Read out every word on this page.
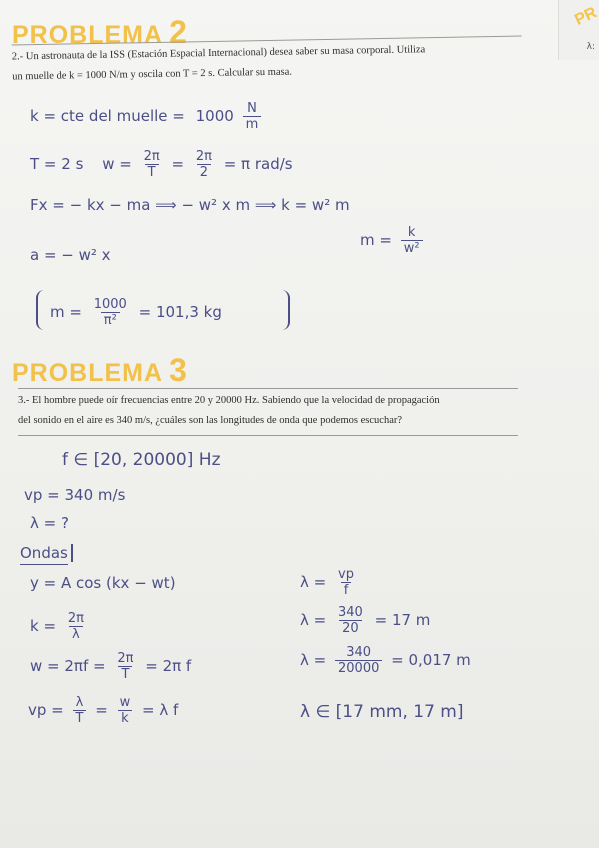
PR
λ:
PROBLEMA 2
2.- Un astronauta de la ISS (Estación Espacial Internacional) desea saber su masa corporal. Utiliza
un muelle de k = 1000 N/m y oscila con T = 2 s. Calcular su masa.
k = cte del muelle = $1000 \frac{N}{m}$
T = 2 s $w = \frac{2\pi}{T} = \frac{2\pi}{2} = \pi$ rad/s
Fx = − kx − ma ⟹ − w² x m ⟹ k = w² m
$m = \frac{k}{\text{w²}}$
a = − w² x
$m = \frac{1000}{\text{π²}} = 101,3$ kg
PROBLEMA 3
3.- El hombre puede oír frecuencias entre 20 y 20000 Hz. Sabiendo que la velocidad de propagación
del sonido en el aire es 340 m/s, ¿cuáles son las longitudes de onda que podemos escuchar?
f ∈ [20, 20000] Hz
vp = 340 m/s
λ = ?
Ondas
y = A cos (kx − wt)
$k = \frac{2\pi}{\lambda}$
$w = 2\pi f = \frac{2\pi}{T} = 2\pi$ f
vp = $\frac{\lambda}{T} = \frac{w}{k} = \lambda$ f
$\lambda = \frac{vp}{f}$
$\lambda = \frac{340}{20} = 17$ m
$\lambda = \frac{340}{20000} = 0,017$ m
λ ∈ [17 mm, 17 m]
